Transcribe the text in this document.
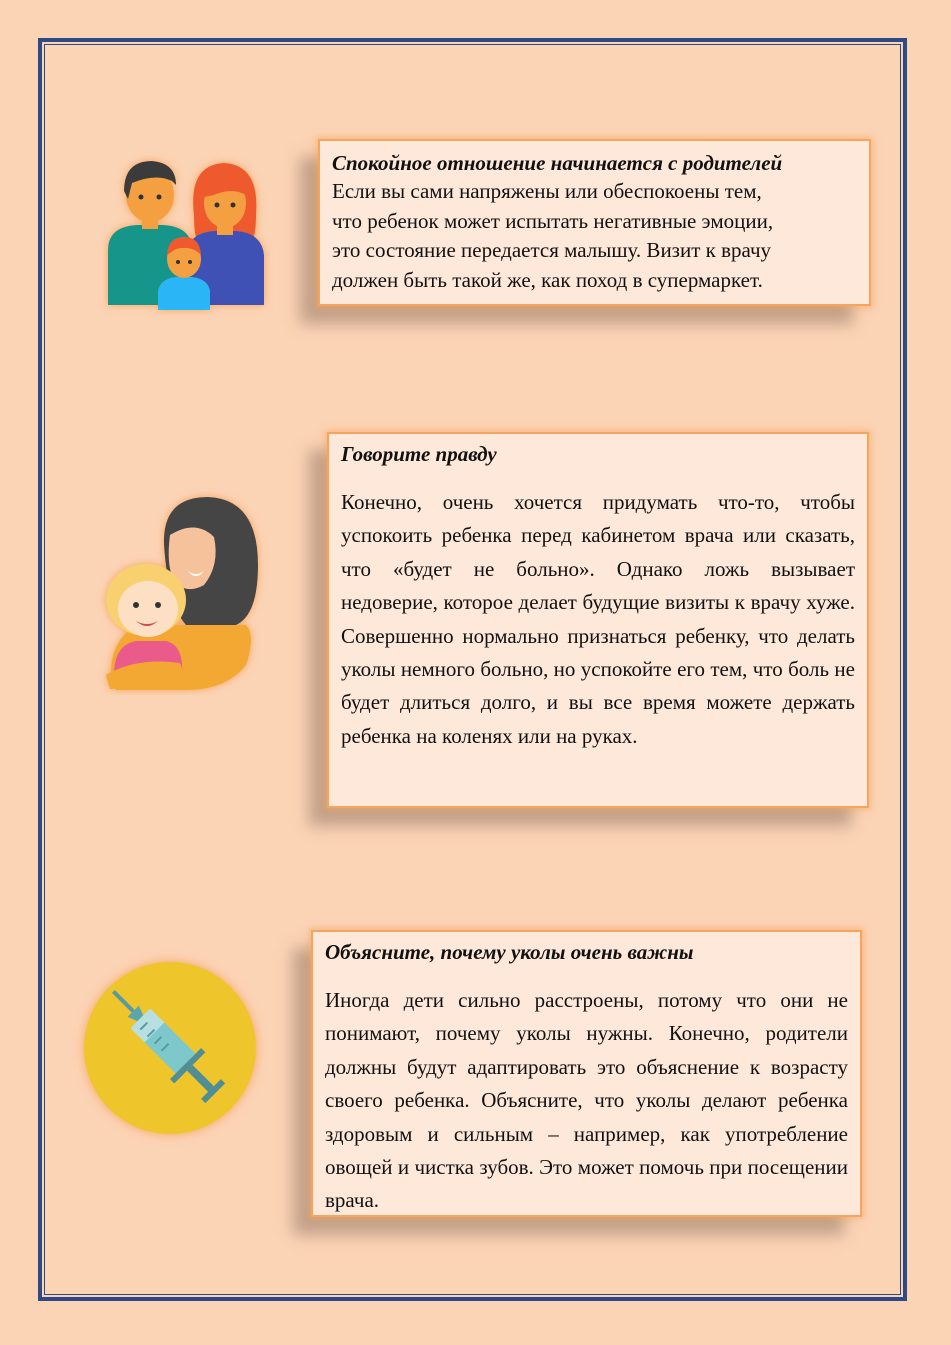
Спокойное отношение начинается с родителей

Если вы сами напряжены или обеспокоены тем,
что ребенок может испытать негативные эмоции,
это состояние передается малышу. Визит к врачу
должен быть такой же, как поход в супермаркет.

Говорите правду

Конечно, очень хочется придумать что-то, чтобы успокоить ребенка перед кабинетом врача или сказать, что «будет не больно». Однако ложь вызывает недоверие, которое делает будущие визиты к врачу хуже. Совершенно нормально признаться ребенку, что делать уколы немного больно, но успокойте его тем, что боль не будет длиться долго, и вы все время можете держать ребенка на коленях или на руках.

Объясните, почему уколы очень важны

Иногда дети сильно расстроены, потому что они не понимают, почему уколы нужны. Конечно, родители должны будут адаптировать это объяснение к возрасту своего ребенка. Объясните, что уколы делают ребенка здоровым и сильным – например, как употребление овощей и чистка зубов. Это может помочь при посещении врача.
